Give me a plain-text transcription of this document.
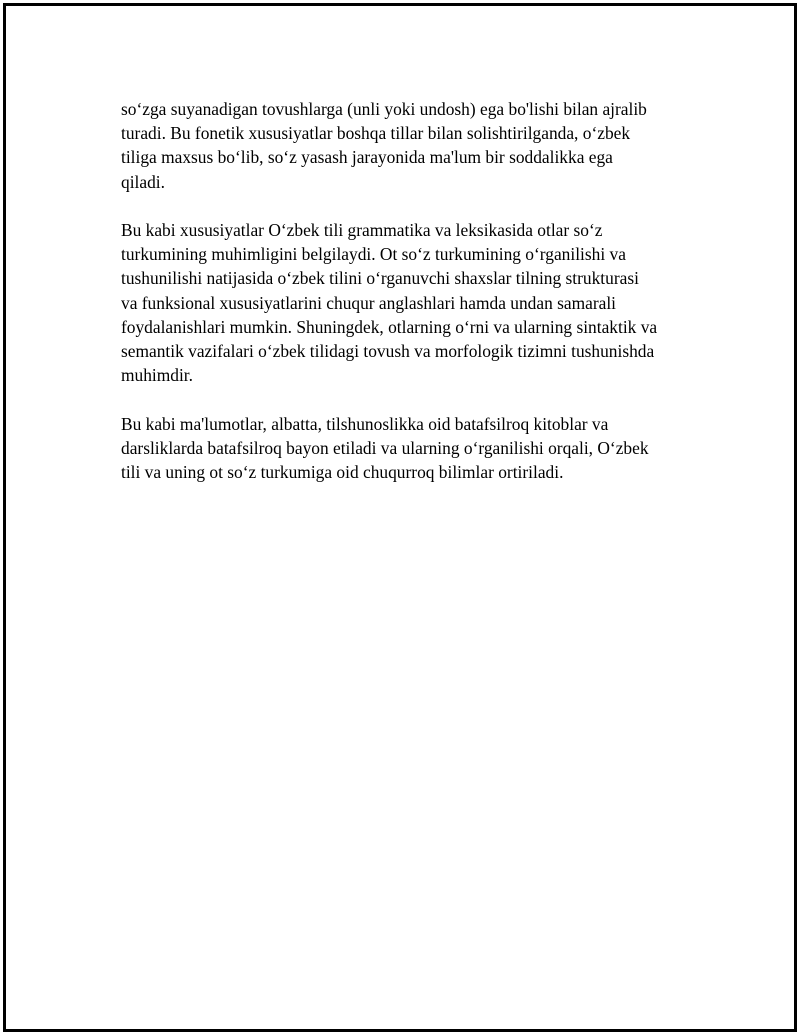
so‘zga suyanadigan tovushlarga (unli yoki undosh) ega bo'lishi bilan ajralib
turadi. Bu fonetik xususiyatlar boshqa tillar bilan solishtirilganda, o‘zbek
tiliga maxsus bo‘lib, so‘z yasash jarayonida ma'lum bir soddalikka ega
qiladi.

Bu kabi xususiyatlar O‘zbek tili grammatika va leksikasida otlar so‘z
turkumining muhimligini belgilaydi. Ot so‘z turkumining o‘rganilishi va
tushunilishi natijasida o‘zbek tilini o‘rganuvchi shaxslar tilning strukturasi
va funksional xususiyatlarini chuqur anglashlari hamda undan samarali
foydalanishlari mumkin. Shuningdek, otlarning o‘rni va ularning sintaktik va
semantik vazifalari o‘zbek tilidagi tovush va morfologik tizimni tushunishda
muhimdir.

Bu kabi ma'lumotlar, albatta, tilshunoslikka oid batafsilroq kitoblar va
darsliklarda batafsilroq bayon etiladi va ularning o‘rganilishi orqali, O‘zbek
tili va uning ot so‘z turkumiga oid chuqurroq bilimlar ortiriladi.
